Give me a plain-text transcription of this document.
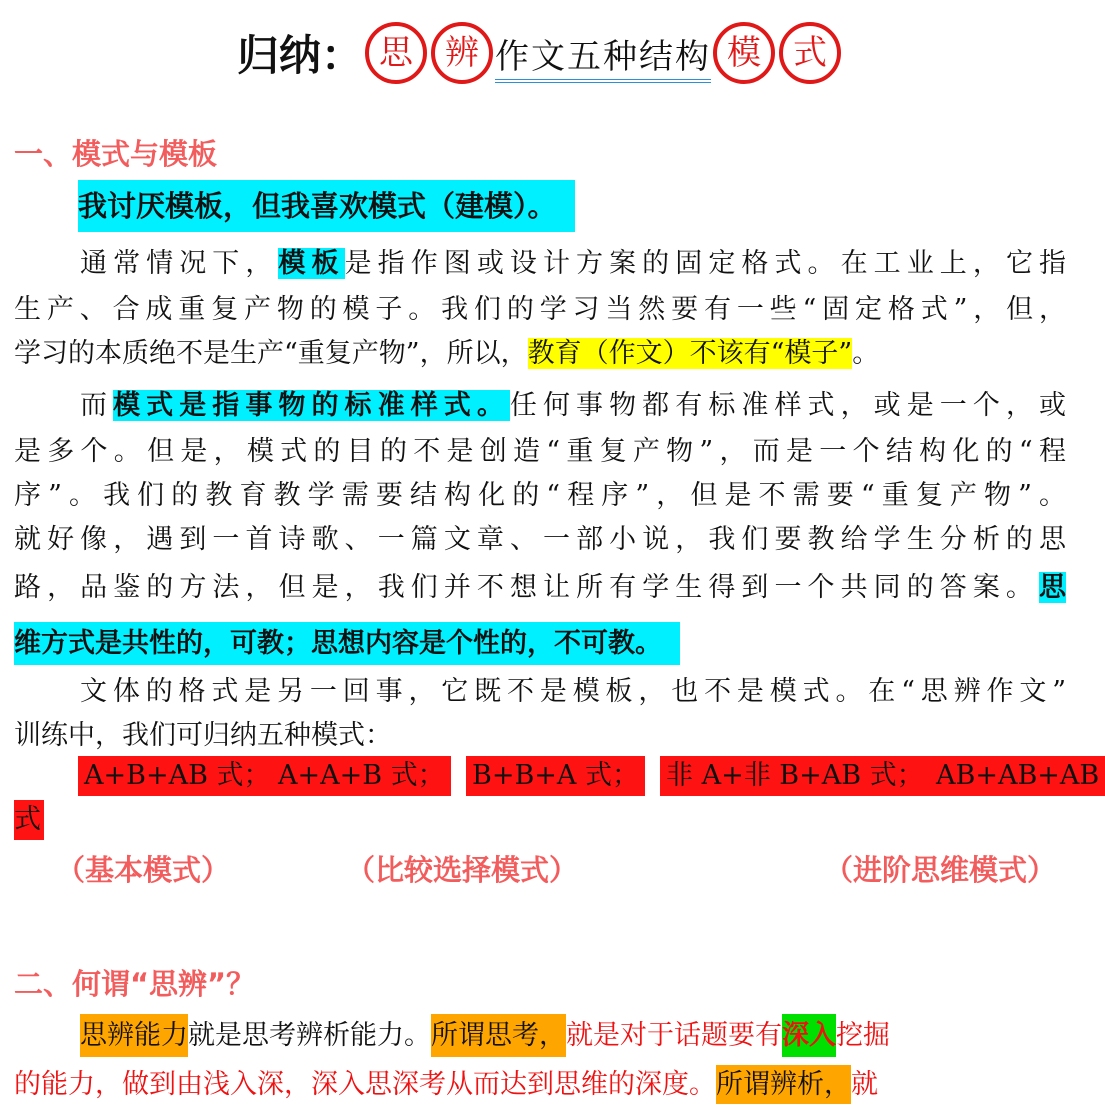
归纳： 思 辨 作文五种结构 模 式
一、模式与模板
我讨厌模板，但我喜欢模式（建模）。
通常情况下，模板是指作图或设计方案的固定格式。在工业上，它指
生产、合成重复产物的模子。我们的学习当然要有一些“固定格式”，但，
学习的本质绝不是生产“重复产物”，所以，教育（作文）不该有“模子”。
而模式是指事物的标准样式。任何事物都有标准样式，或是一个，或
是多个。但是，模式的目的不是创造“重复产物”，而是一个结构化的“程
序”。我们的教育教学需要结构化的“程序”，但是不需要“重复产物”。
就好像，遇到一首诗歌、一篇文章、一部小说，我们要教给学生分析的思
路，品鉴的方法，但是，我们并不想让所有学生得到一个共同的答案。思
维方式是共性的，可教；思想内容是个性的，不可教。
文体的格式是另一回事，它既不是模板，也不是模式。在“思辨作文”
训练中，我们可归纳五种模式：
A+B+AB 式； A+A+B 式； B+B+A 式； 非 A+非 B+AB 式； AB+AB+AB
式
（基本模式）	（比较选择模式）	（进阶思维模式）
二、何谓“思辨”？
思辨能力就是思考辨析能力。所谓思考，就是对于话题要有深入挖掘
的能力，做到由浅入深，深入思深考从而达到思维的深度。所谓辨析，就
